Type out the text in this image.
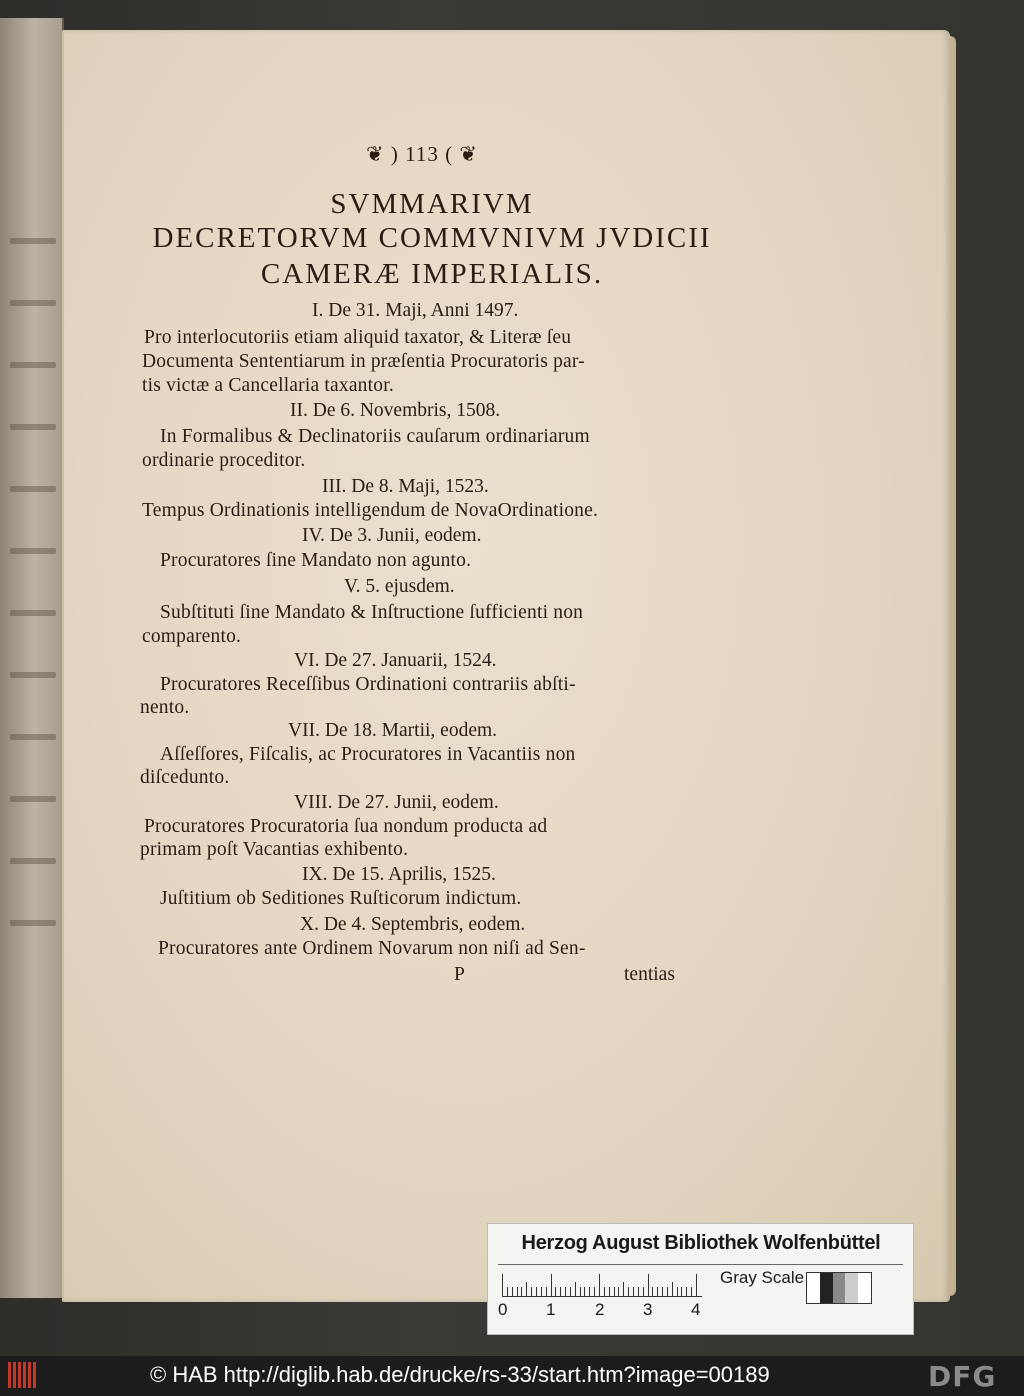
❦ ) 113 ( ❦
SVMMARIVM
DECRETORVM COMMVNIVM JVDICII
CAMERÆ IMPERIALIS.
I. De 31. Maji, Anni 1497.
Pro interlocutoriis etiam aliquid taxator, & Literæ ſeu
Documenta Sententiarum in præſentia Procuratoris par-
tis victæ a Cancellaria taxantor.
II. De 6. Novembris, 1508.
In Formalibus & Declinatoriis cauſarum ordinariarum
ordinarie proceditor.
III. De 8. Maji, 1523.
Tempus Ordinationis intelligendum de NovaOrdinatione.
IV. De 3. Junii, eodem.
Procuratores ſine Mandato non agunto.
V. 5. ejusdem.
Subſtituti ſine Mandato & Inſtructione ſufficienti non
comparento.
VI. De 27. Januarii, 1524.
Procuratores Receſſibus Ordinationi contrariis abſti-
nento.
VII. De 18. Martii, eodem.
Aſſeſſores, Fiſcalis, ac Procuratores in Vacantiis non
diſcedunto.
VIII. De 27. Junii, eodem.
Procuratores Procuratoria ſua nondum producta ad
primam poſt Vacantias exhibento.
IX. De 15. Aprilis, 1525.
Juſtitium ob Seditiones Ruſticorum indictum.
X. De 4. Septembris, eodem.
Procuratores ante Ordinem Novarum non niſi ad Sen-
P	tentias
Herzog August Bibliothek Wolfenbüttel
0 1 2 3 4
Gray Scale
© HAB http://diglib.hab.de/drucke/rs-33/start.htm?image=00189	DFG
